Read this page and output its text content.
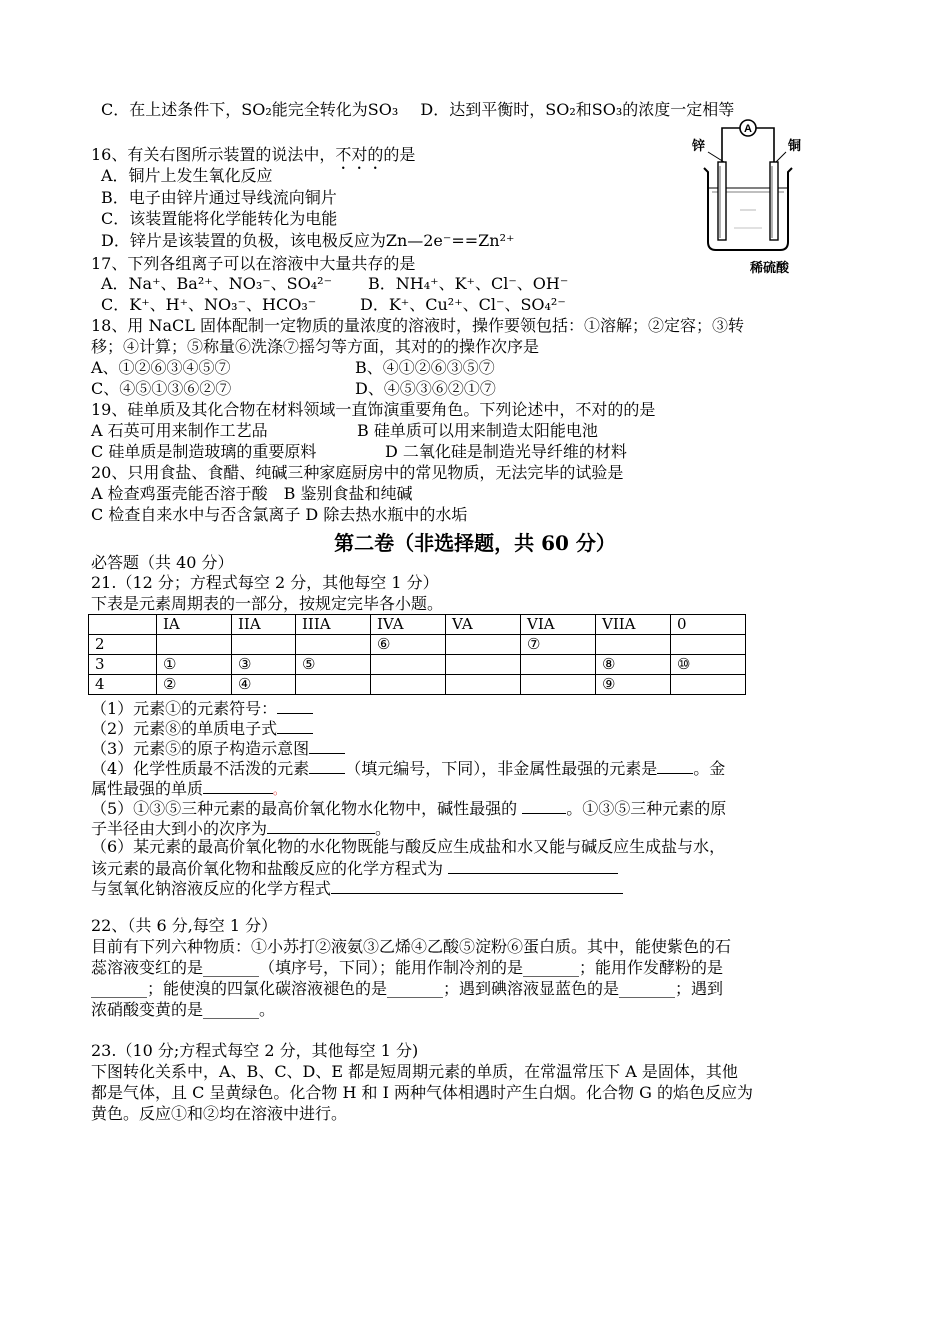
C．在上述条件下，SO₂能完全转化为SO₃ D．达到平衡时，SO₂和SO₃的浓度一定相等
16、有关右图所示装置的说法中，不对的的是
A．铜片上发生氧化反应
B．电子由锌片通过导线流向铜片
C．该装置能将化学能转化为电能
D．锌片是该装置的负极，该电极反应为Zn—2e⁻==Zn²⁺
A
锌	铜
稀硫酸
17、下列各组离子可以在溶液中大量共存的是
A．Na⁺、Ba²⁺、NO₃⁻、SO₄²⁻ B．NH₄⁺、K⁺、Cl⁻、OH⁻
C．K⁺、H⁺、NO₃⁻、HCO₃⁻	D．K⁺、Cu²⁺、Cl⁻、SO₄²⁻
18、用 NaCL 固体配制一定物质的量浓度的溶液时，操作要领包括：①溶解；②定容；③转
移；④计算；⑤称量⑥洗涤⑦摇匀等方面，其对的的操作次序是
A、①②⑥③④⑤⑦	B、④①②⑥③⑤⑦
C、④⑤①③⑥②⑦	D、④⑤③⑥②①⑦
19、硅单质及其化合物在材料领域一直饰演重要角色。下列论述中，不对的的是
A 石英可用来制作工艺品	B 硅单质可以用来制造太阳能电池
C 硅单质是制造玻璃的重要原料	D 二氧化硅是制造光导纤维的材料
20、只用食盐、食醋、纯碱三种家庭厨房中的常见物质，无法完毕的试验是
A 检查鸡蛋壳能否溶于酸　B 鉴别食盐和纯碱
C 检查自来水中与否含氯离子 D 除去热水瓶中的水垢
第二卷（非选择题，共 60 分）
必答题（共 40 分）
21.（12 分；方程式每空 2 分，其他每空 1 分）
下表是元素周期表的一部分，按规定完毕各小题。
	IA	IIA	IIIA	IVA	VA	VIA	VIIA	0
2				⑥		⑦		
3	①	③	⑤				⑧	⑩
4	②	④					⑨	
（1）元素①的元素符号：
（2）元素⑧的单质电子式
（3）元素⑤的原子构造示意图
（4）化学性质最不活泼的元素 （填元编号，下同），非金属性最强的元素是 。金
属性最强的单质	。
（5）①③⑤三种元素的最高价氧化物水化物中，碱性最强的	。①③⑤三种元素的原
子半径由大到小的次序为	。
（6）某元素的最高价氧化物的水化物既能与酸反应生成盐和水又能与碱反应生成盐与水，
该元素的最高价氧化物和盐酸反应的化学方程式为
与氢氧化钠溶液反应的化学方程式
22、（共 6 分,每空 1 分）
目前有下列六种物质：①小苏打②液氨③乙烯④乙酸⑤淀粉⑥蛋白质。其中，能使紫色的石
蕊溶液变红的是_______（填序号，下同）；能用作制冷剂的是_______；能用作发酵粉的是
_______；能使溴的四氯化碳溶液褪色的是_______；遇到碘溶液显蓝色的是_______；遇到
浓硝酸变黄的是_______。
23.（10 分;方程式每空 2 分，其他每空 1 分)
下图转化关系中，A、B、C、D、E 都是短周期元素的单质，在常温常压下 A 是固体，其他
都是气体，且 C 呈黄绿色。化合物 H 和 I 两种气体相遇时产生白烟。化合物 G 的焰色反应为
黄色。反应①和②均在溶液中进行。
